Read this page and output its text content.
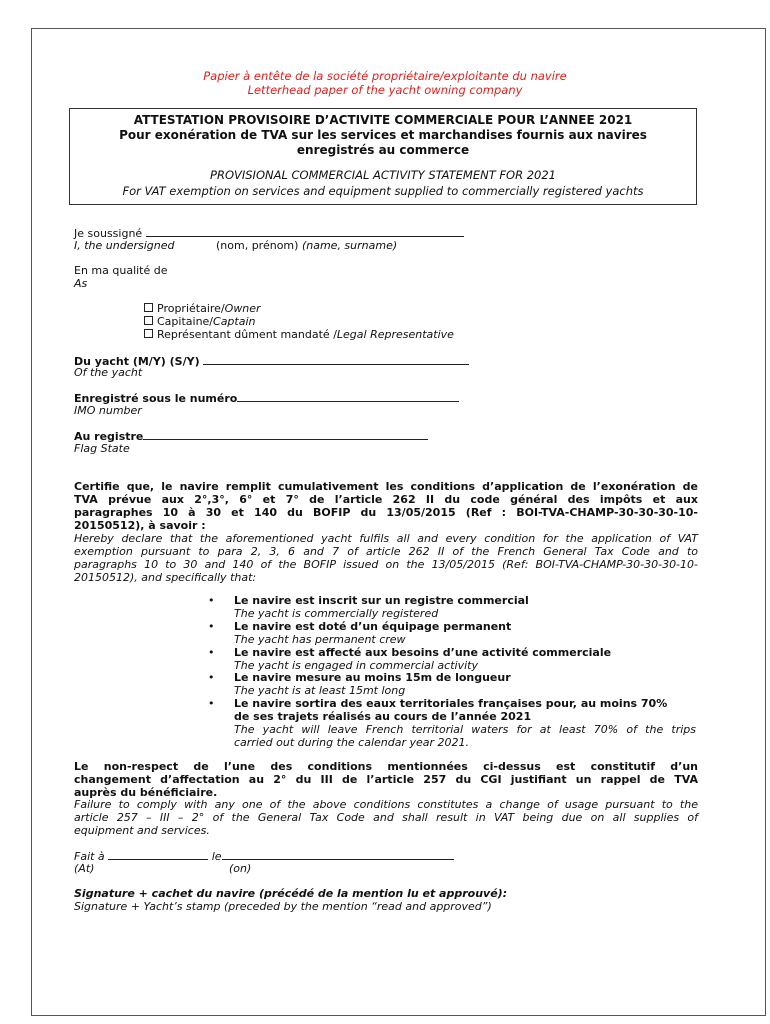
Papier à entête de la société propriétaire/exploitante du navire
Letterhead paper of the yacht owning company
ATTESTATION PROVISOIRE D’ACTIVITE COMMERCIALE POUR L’ANNEE 2021
Pour exonération de TVA sur les services et marchandises fournis aux navires
enregistrés au commerce
PROVISIONAL COMMERCIAL ACTIVITY STATEMENT FOR 2021
For VAT exemption on services and equipment supplied to commercially registered yachts
Je soussigné
I, the undersigned	(nom, prénom) (name, surname)
En ma qualité de
As
Propriétaire/Owner
Capitaine/Captain
Représentant dûment mandaté /Legal Representative
Du yacht (M/Y) (S/Y)
Of the yacht
Enregistré sous le numéro
IMO number
Au registre
Flag State
Certifie que, le navire remplit cumulativement les conditions d’application de l’exonération de
TVA prévue aux 2°,3°, 6° et 7° de l’article 262 II du code général des impôts et aux
paragraphes 10 à 30 et 140 du BOFIP du 13/05/2015 (Ref : BOI-TVA-CHAMP-30-30-30-10-
20150512), à savoir :
Hereby declare that the aforementioned yacht fulfils all and every condition for the application of VAT
exemption pursuant to para 2, 3, 6 and 7 of article 262 II of the French General Tax Code and to
paragraphs 10 to 30 and 140 of the BOFIP issued on the 13/05/2015 (Ref: BOI-TVA-CHAMP-30-30-30-10-
20150512), and specifically that:
• Le navire est inscrit sur un registre commercial
The yacht is commercially registered
• Le navire est doté d’un équipage permanent
The yacht has permanent crew
• Le navire est affecté aux besoins d’une activité commerciale
The yacht is engaged in commercial activity
• Le navire mesure au moins 15m de longueur
The yacht is at least 15mt long
• Le navire sortira des eaux territoriales françaises pour, au moins 70%
de ses trajets réalisés au cours de l’année 2021
The yacht will leave French territorial waters for at least 70% of the trips
carried out during the calendar year 2021.
Le non-respect de l’une des conditions mentionnées ci-dessus est constitutif d’un
changement d’affectation au 2° du III de l’article 257 du CGI justifiant un rappel de TVA
auprès du bénéficiaire.
Failure to comply with any one of the above conditions constitutes a change of usage pursuant to the
article 257 – III – 2° of the General Tax Code and shall result in VAT being due on all supplies of
equipment and services.
Fait à	le
(At)	(on)
Signature + cachet du navire (précédé de la mention lu et approuvé):
Signature + Yacht’s stamp (preceded by the mention “read and approved”)
